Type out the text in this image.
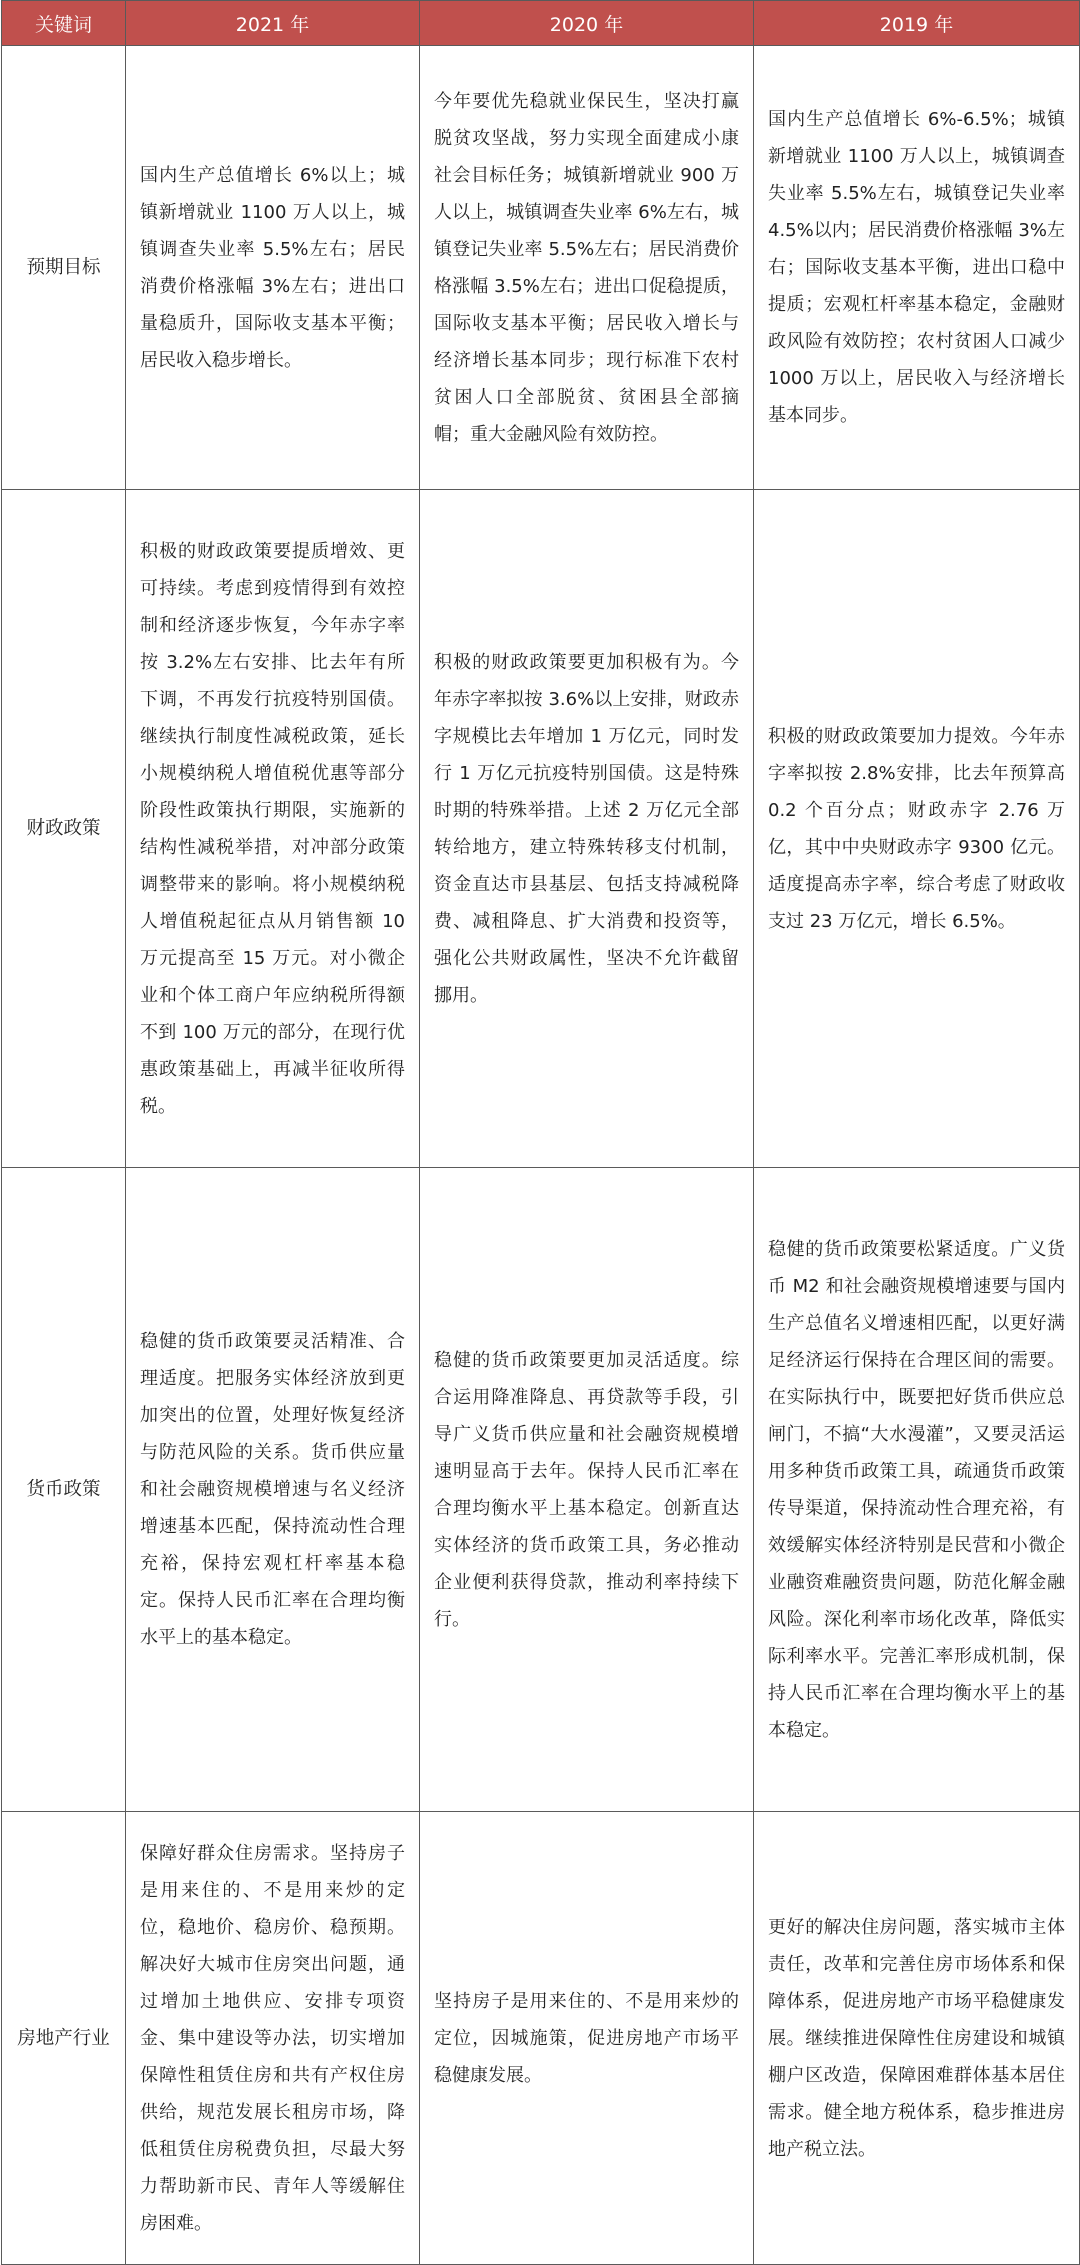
关键词	2021 年	2020 年	2019 年
预期目标	国内生产总值增长 6%以上；城镇新增就业 1100 万人以上，城镇调查失业率 5.5%左右；居民消费价格涨幅 3%左右；进出口量稳质升，国际收支基本平衡；居民收入稳步增长。	今年要优先稳就业保民生，坚决打赢脱贫攻坚战，努力实现全面建成小康社会目标任务；城镇新增就业 900 万人以上，城镇调查失业率 6%左右，城镇登记失业率 5.5%左右；居民消费价格涨幅 3.5%左右；进出口促稳提质，国际收支基本平衡；居民收入增长与经济增长基本同步；现行标准下农村贫困人口全部脱贫、贫困县全部摘帽；重大金融风险有效防控。	国内生产总值增长 6%-6.5%；城镇新增就业 1100 万人以上，城镇调查失业率 5.5%左右，城镇登记失业率 4.5%以内；居民消费价格涨幅 3%左右；国际收支基本平衡，进出口稳中提质；宏观杠杆率基本稳定，金融财政风险有效防控；农村贫困人口减少 1000 万以上，居民收入与经济增长基本同步。
财政政策	积极的财政政策要提质增效、更可持续。考虑到疫情得到有效控制和经济逐步恢复，今年赤字率按 3.2%左右安排、比去年有所下调，不再发行抗疫特别国债。继续执行制度性减税政策，延长小规模纳税人增值税优惠等部分阶段性政策执行期限，实施新的结构性减税举措，对冲部分政策调整带来的影响。将小规模纳税人增值税起征点从月销售额 10 万元提高至 15 万元。对小微企业和个体工商户年应纳税所得额不到 100 万元的部分，在现行优惠政策基础上，再减半征收所得税。	积极的财政政策要更加积极有为。今年赤字率拟按 3.6%以上安排，财政赤字规模比去年增加 1 万亿元，同时发行 1 万亿元抗疫特别国债。这是特殊时期的特殊举措。上述 2 万亿元全部转给地方，建立特殊转移支付机制，资金直达市县基层、包括支持减税降费、减租降息、扩大消费和投资等，强化公共财政属性，坚决不允许截留挪用。	积极的财政政策要加力提效。今年赤字率拟按 2.8%安排，比去年预算高 0.2 个百分点；财政赤字 2.76 万亿，其中中央财政赤字 9300 亿元。适度提高赤字率，综合考虑了财政收支过 23 万亿元，增长 6.5%。
货币政策	稳健的货币政策要灵活精准、合理适度。把服务实体经济放到更加突出的位置，处理好恢复经济与防范风险的关系。货币供应量和社会融资规模增速与名义经济增速基本匹配，保持流动性合理充裕，保持宏观杠杆率基本稳定。保持人民币汇率在合理均衡水平上的基本稳定。	稳健的货币政策要更加灵活适度。综合运用降准降息、再贷款等手段，引导广义货币供应量和社会融资规模增速明显高于去年。保持人民币汇率在合理均衡水平上基本稳定。创新直达实体经济的货币政策工具，务必推动企业便利获得贷款，推动利率持续下行。	稳健的货币政策要松紧适度。广义货币 M2 和社会融资规模增速要与国内生产总值名义增速相匹配，以更好满足经济运行保持在合理区间的需要。在实际执行中，既要把好货币供应总闸门，不搞“大水漫灌”，又要灵活运用多种货币政策工具，疏通货币政策传导渠道，保持流动性合理充裕，有效缓解实体经济特别是民营和小微企业融资难融资贵问题，防范化解金融风险。深化利率市场化改革，降低实际利率水平。完善汇率形成机制，保持人民币汇率在合理均衡水平上的基本稳定。
房地产行业	保障好群众住房需求。坚持房子是用来住的、不是用来炒的定位，稳地价、稳房价、稳预期。解决好大城市住房突出问题，通过增加土地供应、安排专项资金、集中建设等办法，切实增加保障性租赁住房和共有产权住房供给，规范发展长租房市场，降低租赁住房税费负担，尽最大努力帮助新市民、青年人等缓解住房困难。	坚持房子是用来住的、不是用来炒的定位，因城施策，促进房地产市场平稳健康发展。	更好的解决住房问题，落实城市主体责任，改革和完善住房市场体系和保障体系，促进房地产市场平稳健康发展。继续推进保障性住房建设和城镇棚户区改造，保障困难群体基本居住需求。健全地方税体系，稳步推进房地产税立法。
